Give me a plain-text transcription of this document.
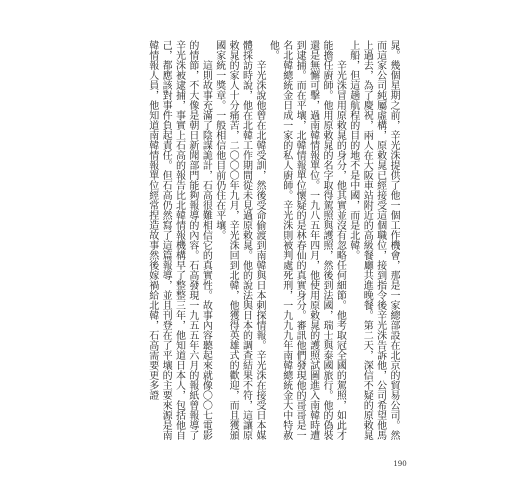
晁。幾個星期之前，辛光洙提供了他一個工作機會，那是一家總部設在北京的貿易公司。然而這家公司純屬虛構，原敕晁已經接受這個職位，接到指令後辛光洙告訴他，公司希望他馬上過去，為了慶祝，兩人在大阪車站附近的高級餐廳共進晚餐。第二天，深信不疑的原敕晁上船，但這趟航程的目的地不是中國，而是北韓。

辛光洙冒用原敕晁的身分，他其實並沒有忽略任何細節。他考取冠全國的駕照，如此才能擔任廚師。他用原敕晁的名字取得駕照與護照，然後到法國，瑞士與泰國旅行。他的偽裝還是無懈可擊，過南韓情報單位。一九八五年四月，他使用原敕晁的護照試圖進入南韓時遭到逮捕。而在平壤，北韓情報單位懷疑的是林春仙的真實身分。審訊他們發現他的哥哥是一名北韓總統金日成一家的私人廚師。辛光洙則被判處死刑，一九九九年南韓總統金大中特赦他。

辛光洙說他曾在北韓受訓，然後受命偷渡到南韓與日本刺探情報。辛光洙在接受日本媒體採訪時說，他在北韓工作期間從未見過原敕晁。他的說法與日本的調查結果不符，這讓原敕晁的家人十分痛苦，二〇〇〇年九月，辛光洙回到北韓，他獲得英雄式的歡迎，而且獲頒國家統一獎章。一般相信他目前仍住在平壤。

這則故事充滿了陰謀詭計，石高很難相信它的真實性。故事內容聽起來就像〇〇七電影的情節，不大像是朝日新聞部門能夠報導的內容。石高發現一九五五年六月的報紙曾報導了辛光洙被逮捕，事實上石高的報告比北韓情報機構早了整整三年，他知道日本人，包括他自己，都應該對事件負起責任。但石高仍然寫了這篇報導，並且刊登在了平壤的主要來源是南韓情報人員，他知道南韓情報單位經常捏造故事然後嫁禍給北韓，石高需要更多證

190
